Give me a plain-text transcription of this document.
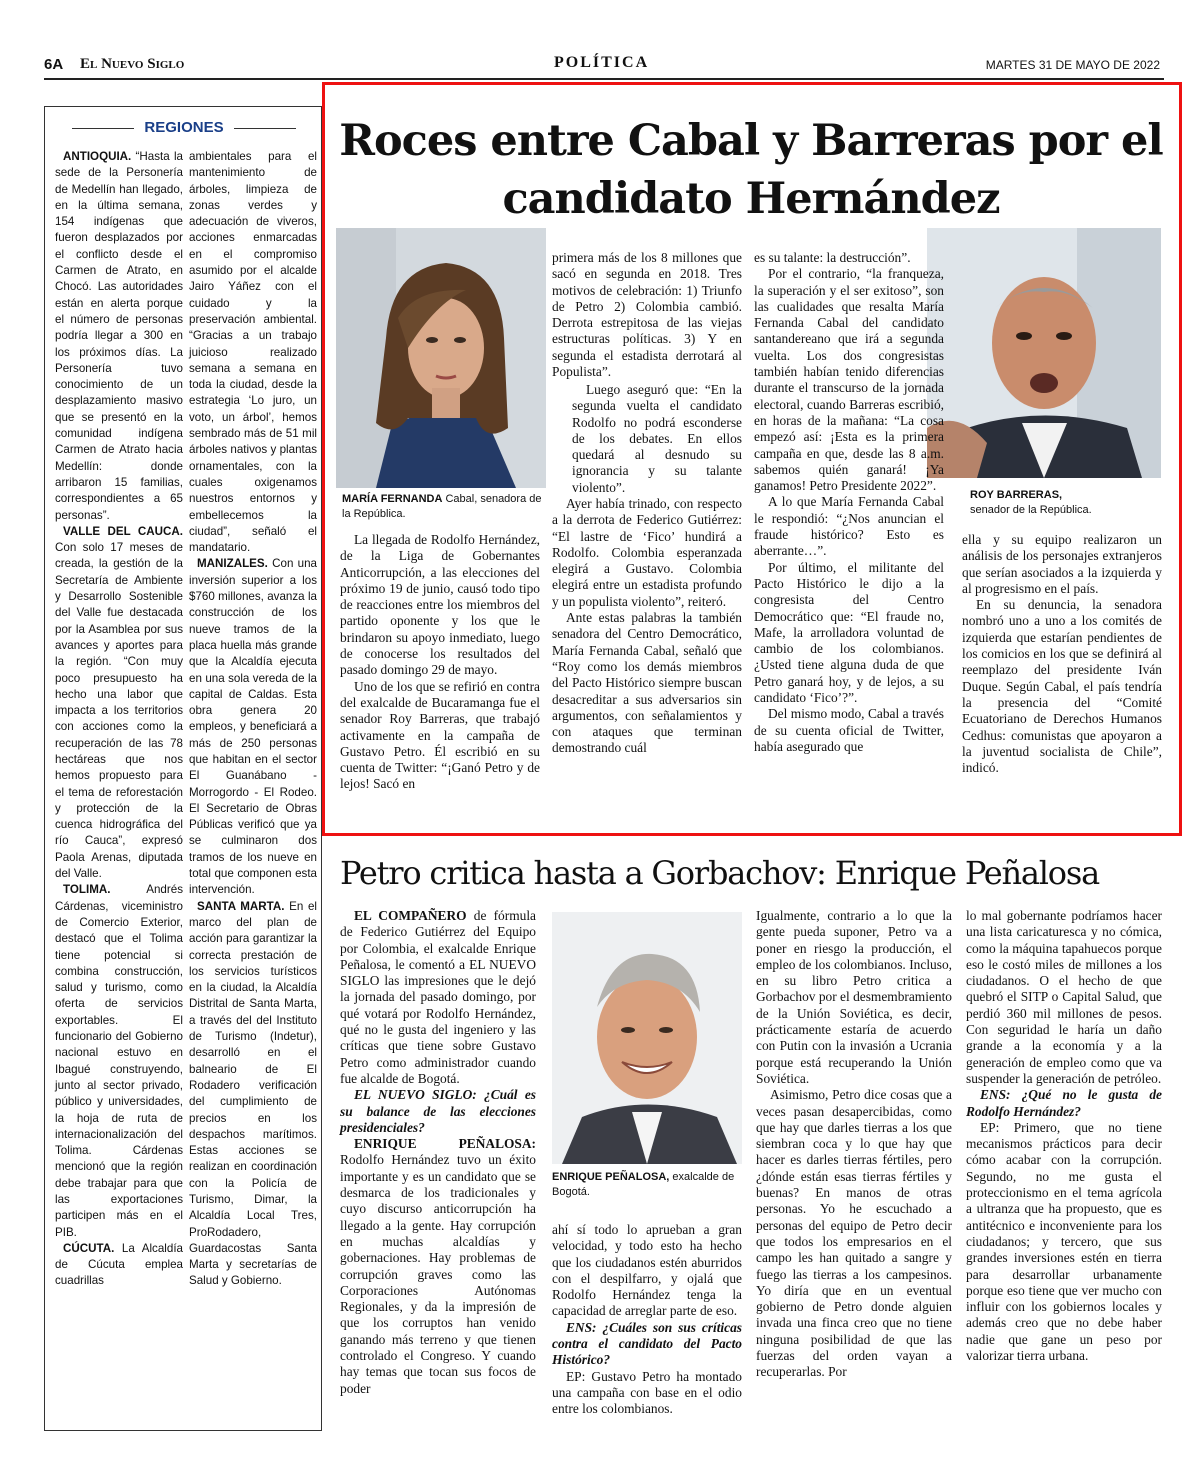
6A El Nuevo Siglo	POLÍTICA	MARTES 31 DE MAYO DE 2022
REGIONES

ANTIOQUIA. “Hasta la sede de la Personería de Medellín han llegado, en la última semana, 154 indígenas que fueron desplazados por el conflicto desde el Carmen de Atrato, en Chocó. Las autoridades están en alerta porque el número de personas podría llegar a 300 en los próximos días. La Personería tuvo conocimiento de un desplazamiento masivo que se presentó en la comunidad indígena Carmen de Atrato hacia Medellín: donde arribaron 15 familias, correspondientes a 65 personas”.

VALLE DEL CAUCA. Con solo 17 meses de creada, la gestión de la Secretaría de Ambiente y Desarrollo Sostenible del Valle fue destacada por la Asamblea por sus avances y aportes para la región. “Con muy poco presupuesto ha hecho una labor que impacta a los territorios con acciones como la recuperación de las 78 hectáreas que nos hemos propuesto para el tema de reforestación y protección de la cuenca hidrográfica del río Cauca”, expresó Paola Arenas, diputada del Valle.

TOLIMA. Andrés Cárdenas, viceministro de Comercio Exterior, destacó que el Tolima tiene potencial si combina construcción, salud y turismo, como oferta de servicios exportables. El funcionario del Gobierno nacional estuvo en Ibagué construyendo, junto al sector privado, público y universidades, la hoja de ruta de internacionalización del Tolima. Cárdenas mencionó que la región debe trabajar para que las exportaciones participen más en el PIB.

CÚCUTA. La Alcaldía de Cúcuta emplea cuadrillas

ambientales para el mantenimiento de árboles, limpieza de zonas verdes y adecuación de viveros, acciones enmarcadas en el compromiso asumido por el alcalde Jairo Yáñez con el cuidado y la preservación ambiental. “Gracias a un trabajo juicioso realizado semana a semana en toda la ciudad, desde la estrategia ‘Lo juro, un voto, un árbol’, hemos sembrado más de 51 mil árboles nativos y plantas ornamentales, con la cuales oxigenamos nuestros entornos y embellecemos la ciudad”, señaló el mandatario.

MANIZALES. Con una inversión superior a los $760 millones, avanza la construcción de los nueve tramos de la placa huella más grande que la Alcaldía ejecuta en una sola vereda de la capital de Caldas. Esta obra genera 20 empleos, y beneficiará a más de 250 personas que habitan en el sector El Guanábano - Morrogordo - El Rodeo. El Secretario de Obras Públicas verificó que ya se culminaron dos tramos de los nueve en total que componen esta intervención.

SANTA MARTA. En el marco del plan de acción para garantizar la correcta prestación de los servicios turísticos en la ciudad, la Alcaldía Distrital de Santa Marta, a través del del Instituto de Turismo (Indetur), desarrolló en el balneario de El Rodadero verificación del cumplimiento de precios en los despachos marítimos. Estas acciones se realizan en coordinación con la Policía de Turismo, Dimar, la Alcaldía Local Tres, ProRodadero, Guardacostas Santa Marta y secretarías de Salud y Gobierno.

Roces entre Cabal y Barreras por el candidato Hernández
MARÍA FERNANDA Cabal, senadora de la República.
ROY BARRERAS,
senador de la República.

La llegada de Rodolfo Hernández, de la Liga de Gobernantes Anticorrupción, a las elecciones del próximo 19 de junio, causó todo tipo de reacciones entre los miembros del partido oponente y los que le brindaron su apoyo inmediato, luego de conocerse los resultados del pasado domingo 29 de mayo.

Uno de los que se refirió en contra del exalcalde de Bucaramanga fue el senador Roy Barreras, que trabajó activamente en la campaña de Gustavo Petro. Él escribió en su cuenta de Twitter: “¡Ganó Petro y de lejos! Sacó en

primera más de los 8 millones que sacó en segunda en 2018. Tres motivos de celebración: 1) Triunfo de Petro 2) Colombia cambió. Derrota estrepitosa de las viejas estructuras políticas. 3) Y en segunda el estadista derrotará al Populista”.

Luego aseguró que: “En la segunda vuelta el candidato Rodolfo no podrá esconderse de los debates. En ellos quedará al desnudo su ignorancia y su talante violento”.

Ayer había trinado, con respecto a la derrota de Federico Gutiérrez: “El lastre de ‘Fico’ hundirá a Rodolfo. Colombia esperanzada elegirá a Gustavo. Colombia elegirá entre un estadista profundo y un populista violento”, reiteró.

Ante estas palabras la también senadora del Centro Democrático, María Fernanda Cabal, señaló que “Roy como los demás miembros del Pacto Histórico siempre buscan desacreditar a sus adversarios sin argumentos, con señalamientos y con ataques que terminan demostrando cuál

es su talante: la destrucción”.

Por el contrario, “la franqueza, la superación y el ser exitoso”, son las cualidades que resalta María Fernanda Cabal del candidato santandereano que irá a segunda vuelta. Los dos congresistas también habían tenido diferencias durante el transcurso de la jornada electoral, cuando Barreras escribió, en horas de la mañana: “La cosa empezó así: ¡Esta es la primera campaña en que, desde las 8 a.m. sabemos quién ganará! ¡Ya ganamos! Petro Presidente 2022”.

A lo que María Fernanda Cabal le respondió: “¿Nos anuncian el fraude histórico? Esto es aberrante…”.

Por último, el militante del Pacto Histórico le dijo a la congresista del Centro Democrático que: “El fraude no, Mafe, la arrolladora voluntad de cambio de los colombianos. ¿Usted tiene alguna duda de que Petro ganará hoy, y de lejos, a su candidato ‘Fico’?”.

Del mismo modo, Cabal a través de su cuenta oficial de Twitter, había asegurado que

ella y su equipo realizaron un análisis de los personajes extranjeros que serían asociados a la izquierda y al progresismo en el país.

En su denuncia, la senadora nombró uno a uno a los comités de izquierda que estarían pendientes de los comicios en los que se definirá al reemplazo del presidente Iván Duque. Según Cabal, el país tendría la presencia del “Comité Ecuatoriano de Derechos Humanos Cedhus: comunistas que apoyaron a la juventud socialista de Chile”, indicó.

Petro critica hasta a Gorbachov: Enrique Peñalosa

EL COMPAÑERO de fórmula de Federico Gutiérrez del Equipo por Colombia, el exalcalde Enrique Peñalosa, le comentó a EL NUEVO SIGLO las impresiones que le dejó la jornada del pasado domingo, por qué votará por Rodolfo Hernández, qué no le gusta del ingeniero y las críticas que tiene sobre Gustavo Petro como administrador cuando fue alcalde de Bogotá.

EL NUEVO SIGLO: ¿Cuál es su balance de las elecciones presidenciales?

ENRIQUE PEÑALOSA: Rodolfo Hernández tuvo un éxito importante y es un candidato que se desmarca de los tradicionales y cuyo discurso anticorrupción ha llegado a la gente. Hay corrupción en muchas alcaldías y gobernaciones. Hay problemas de corrupción graves como las Corporaciones Autónomas Regionales, y da la impresión de que los corruptos han venido ganando más terreno y que tienen controlado el Congreso. Y cuando hay temas que tocan sus focos de poder

ENRIQUE PEÑALOSA, exalcalde de Bogotá.

ahí sí todo lo aprueban a gran velocidad, y todo esto ha hecho que los ciudadanos estén aburridos con el despilfarro, y ojalá que Rodolfo Hernández tenga la capacidad de arreglar parte de eso.

ENS: ¿Cuáles son sus críticas contra el candidato del Pacto Histórico?

EP: Gustavo Petro ha montado una campaña con base en el odio entre los colombianos.

Igualmente, contrario a lo que la gente pueda suponer, Petro va a poner en riesgo la producción, el empleo de los colombianos. Incluso, en su libro Petro critica a Gorbachov por el desmembramiento de la Unión Soviética, es decir, prácticamente estaría de acuerdo con Putin con la invasión a Ucrania porque está recuperando la Unión Soviética.

Asimismo, Petro dice cosas que a veces pasan desapercibidas, como que hay que darles tierras a los que siembran coca y lo que hay que hacer es darles tierras fértiles, pero ¿dónde están esas tierras fértiles y buenas? En manos de otras personas. Yo he escuchado a personas del equipo de Petro decir que todos los empresarios en el campo les han quitado a sangre y fuego las tierras a los campesinos. Yo diría que en un eventual gobierno de Petro donde alguien invada una finca creo que no tiene ninguna posibilidad de que las fuerzas del orden vayan a recuperarlas. Por

lo mal gobernante podríamos hacer una lista caricaturesca y no cómica, como la máquina tapahuecos porque eso le costó miles de millones a los ciudadanos. O el hecho de que quebró el SITP o Capital Salud, que perdió 360 mil millones de pesos. Con seguridad le haría un daño grande a la economía y a la generación de empleo como que va suspender la generación de petróleo.

ENS: ¿Qué no le gusta de Rodolfo Hernández?

EP: Primero, que no tiene mecanismos prácticos para decir cómo acabar con la corrupción. Segundo, no me gusta el proteccionismo en el tema agrícola a ultranza que ha propuesto, que es antitécnico e inconveniente para los ciudadanos; y tercero, que sus grandes inversiones estén en tierra para desarrollar urbanamente porque eso tiene que ver mucho con influir con los gobiernos locales y además creo que no debe haber nadie que gane un peso por valorizar tierra urbana.
